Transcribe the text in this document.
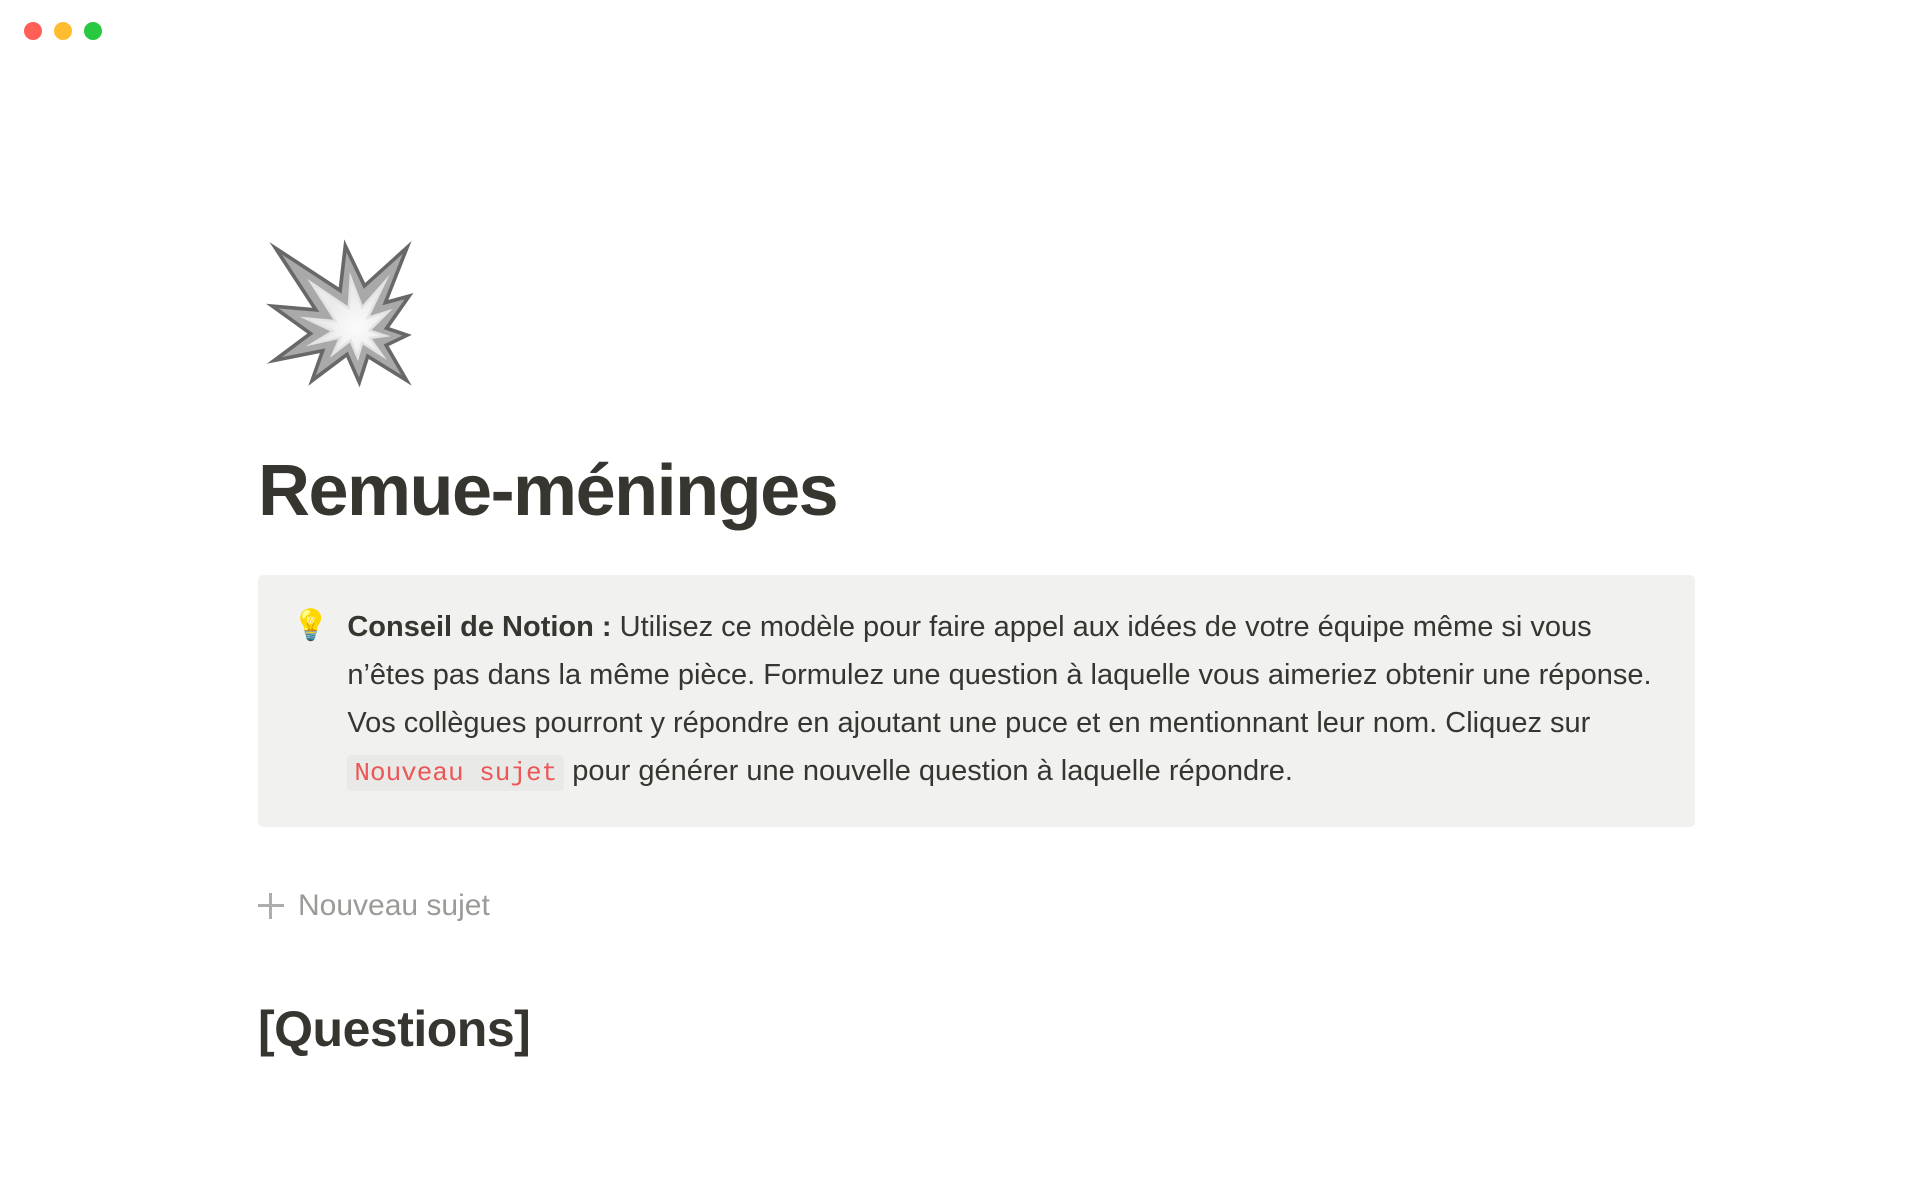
💥
Remue-méninges
💡 Conseil de Notion : Utilisez ce modèle pour faire appel aux idées de votre équipe même si vous n’êtes pas dans la même pièce. Formulez une question à laquelle vous aimeriez obtenir une réponse. Vos collègues pourront y répondre en ajoutant une puce et en mentionnant leur nom. Cliquez sur Nouveau sujet pour générer une nouvelle question à laquelle répondre.
Nouveau sujet
[Questions]
